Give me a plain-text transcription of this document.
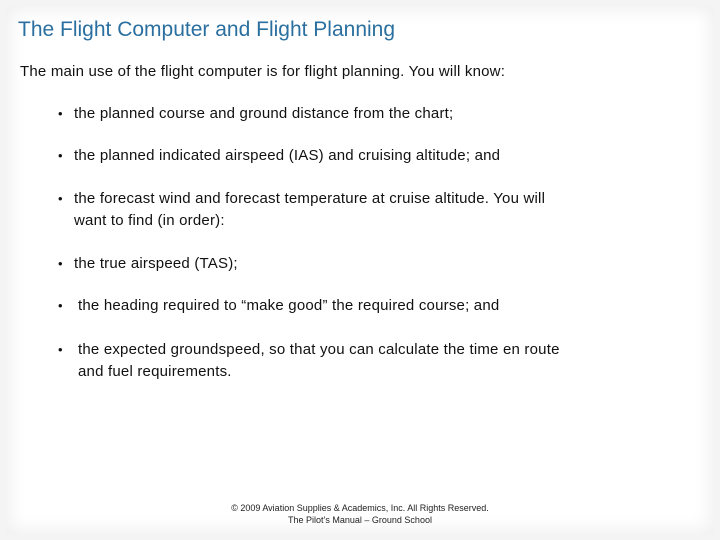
The Flight Computer and Flight Planning

The main use of the flight computer is for flight planning. You will know:

• the planned course and ground distance from the chart;
• the planned indicated airspeed (IAS) and cruising altitude; and
• the forecast wind and forecast temperature at cruise altitude. You will want to find (in order):
• the true airspeed (TAS);
•	the heading required to “make good” the required course; and
•	the expected groundspeed, so that you can calculate the time en route and fuel requirements.
© 2009 Aviation Supplies & Academics, Inc. All Rights Reserved.
The Pilot’s Manual – Ground School
